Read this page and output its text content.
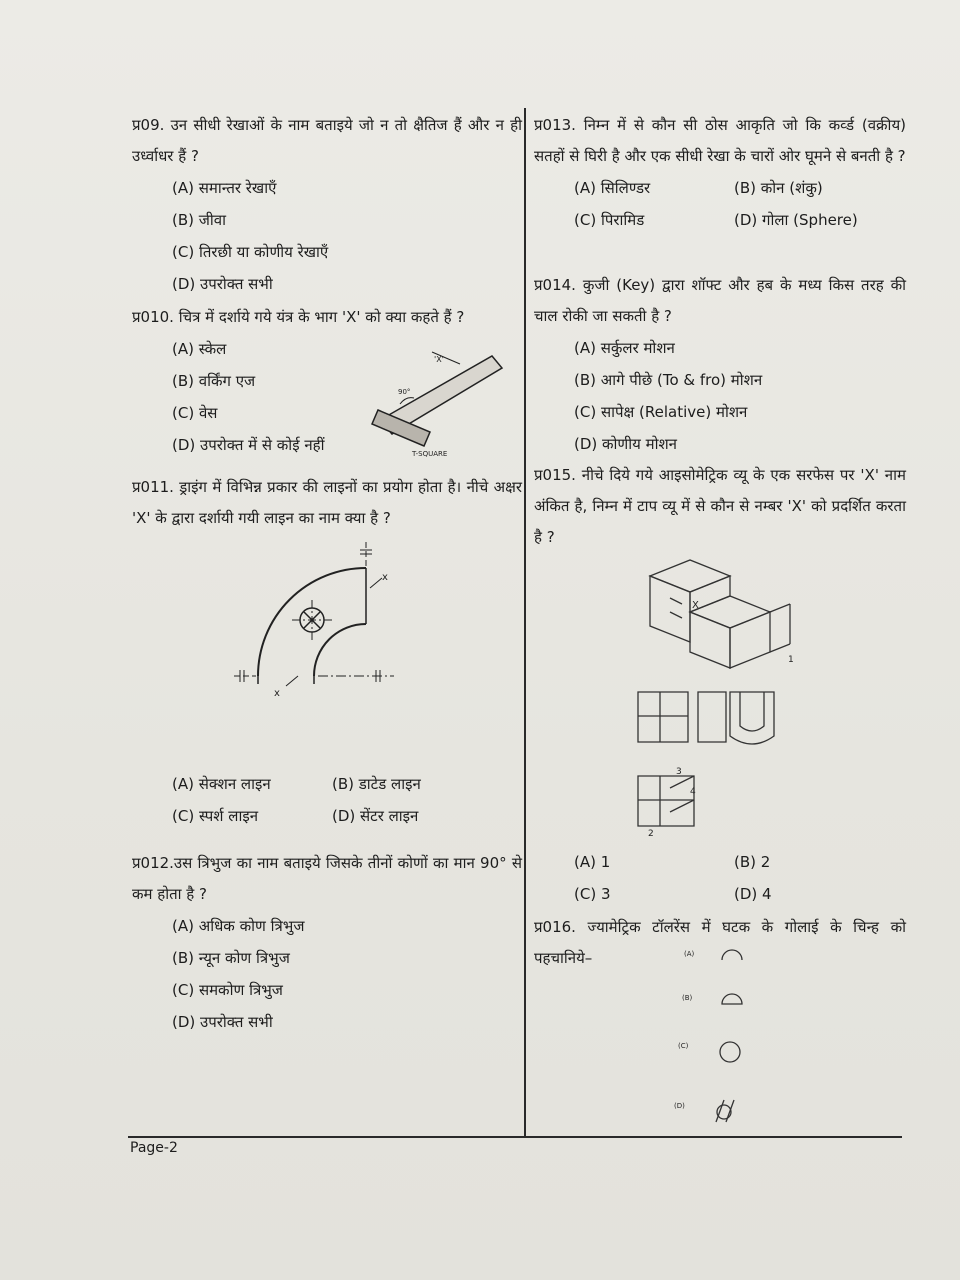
Page-2
प्र09. उन सीधी रेखाओं के नाम बताइये जो न तो क्षैतिज हैं और न ही उर्ध्वाधर हैं ?
(A) समान्तर रेखाएँ
(B) जीवा
(C) तिरछी या कोणीय रेखाएँ
(D) उपरोक्त सभी
प्र010. चित्र में दर्शाये गये यंत्र के भाग 'X' को क्या कहते हैं ?
(A) स्केल
(B) वर्किंग एज
(C) वेस
(D) उपरोक्त में से कोई नहीं
'X'
90°
T-SQUARE
प्र011. ड्राइंग में विभिन्न प्रकार की लाइनों का प्रयोग होता है। नीचे अक्षर 'X' के द्वारा दर्शायी गयी लाइन का नाम क्या है ?
x
x
(A) सेक्शन लाइन	(B) डाटेड लाइन
(C) स्पर्श लाइन	(D) सेंटर लाइन
प्र012.उस त्रिभुज का नाम बताइये जिसके तीनों कोणों का मान 90° से कम होता है ?
(A) अधिक कोण त्रिभुज
(B) न्यून कोण त्रिभुज
(C) समकोण त्रिभुज
(D) उपरोक्त सभी
प्र013. निम्न में से कौन सी ठोस आकृति जो कि कर्व्ड (वक्रीय) सतहों से घिरी है और एक सीधी रेखा के चारों ओर घूमने से बनती है ?
(A) सिलिण्डर	(B) कोन (शंकु)
(C) पिरामिड	(D) गोला (Sphere)
प्र014. कुजी (Key) द्वारा शॉफ्ट और हब के मध्य किस तरह की चाल रोकी जा सकती है ?
(A) सर्कुलर मोशन
(B) आगे पीछे (To & fro) मोशन
(C) सापेक्ष (Relative) मोशन
(D) कोणीय मोशन
प्र015. नीचे दिये गये आइसोमेट्रिक व्यू के एक सरफेस पर 'X' नाम अंकित है, निम्न में टाप व्यू में से कौन से नम्बर 'X' को प्रदर्शित करता है ?
X
1
2
3
4
(A) 1	(B) 2
(C) 3	(D) 4
प्र016. ज्यामेट्रिक टॉलरेंस में घटक के गोलाई के चिन्ह को पहचानिये–	(A)
(B)
(C)
(D)
